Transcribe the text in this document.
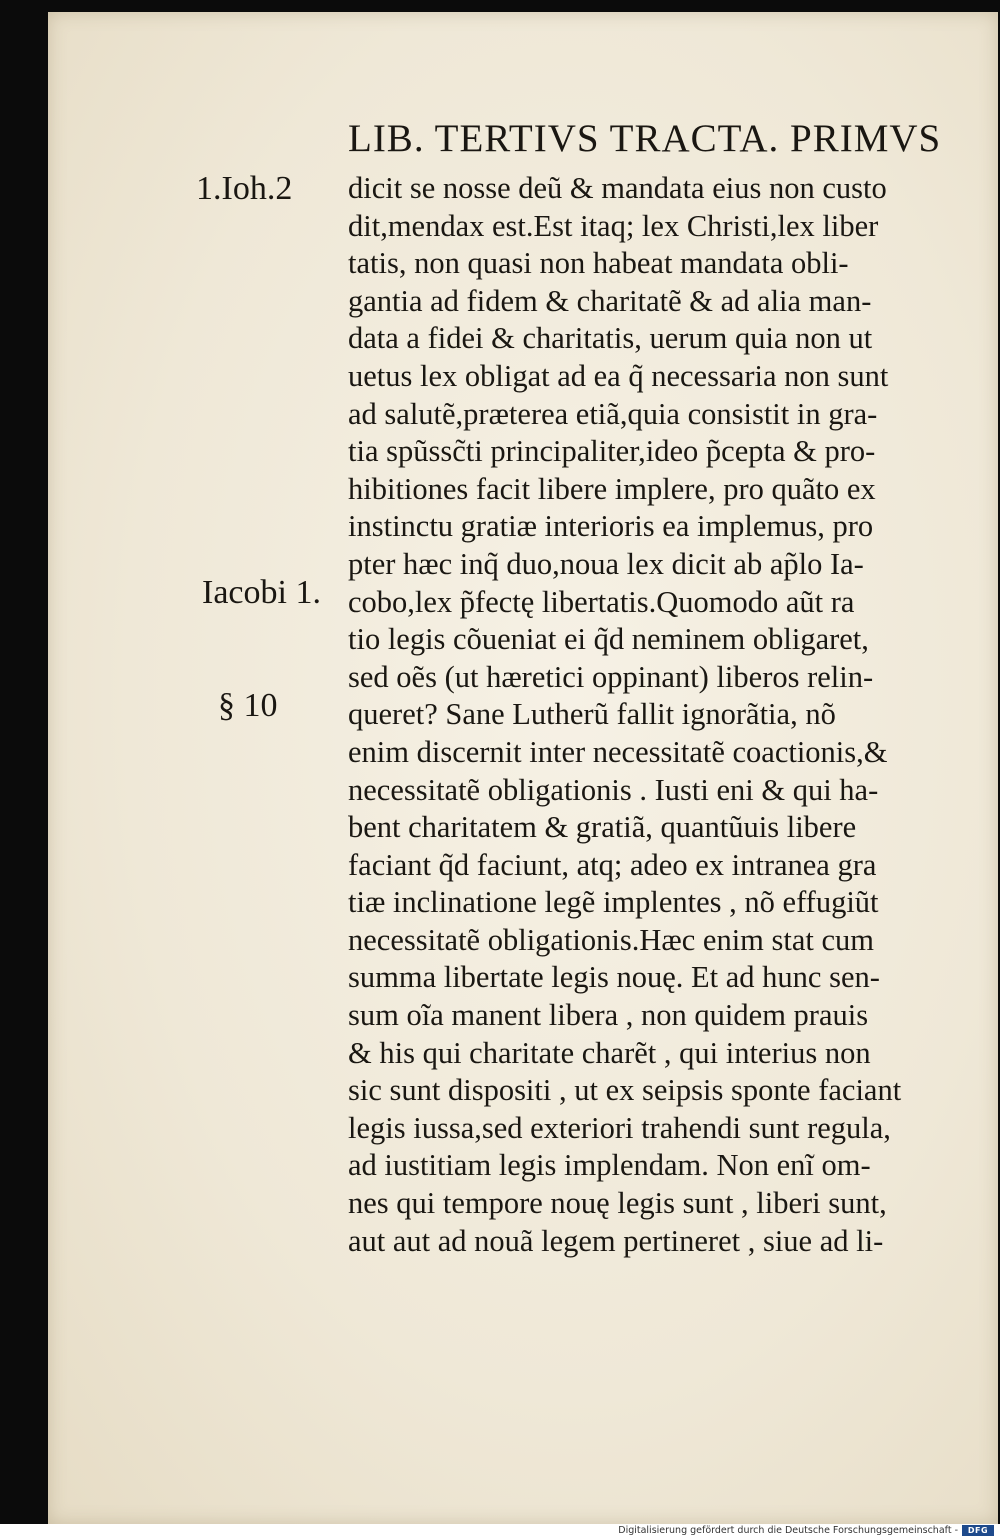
LIB. TERTIVS TRACTA. PRIMVS
1.Ioh.2
Iacobi 1.
§ 10
dicit se nosse deũ & mandata eius non custo
dit,mendax est.Est itaq; lex Christi,lex liber
tatis, non quasi non habeat mandata obli-
gantia ad fidem & charitatẽ & ad alia man-
data a fidei & charitatis, uerum quia non ut
uetus lex obligat ad ea q̃ necessaria non sunt
ad salutẽ,præterea etiã,quia consistit in gra-
tia spũssc̃ti principaliter,ideo p̃cepta & pro-
hibitiones facit libere implere, pro quãto ex
instinctu gratiæ interioris ea implemus, pro
pter hæc inq̃ duo,noua lex dicit ab ap̃lo Ia-
cobo,lex p̃fectę libertatis.Quomodo aũt ra
tio legis cõueniat ei q̃d neminem obligaret,
sed oẽs (ut hæretici oppinant) liberos relin-
queret? Sane Lutherũ fallit ignorãtia, nõ
enim discernit inter necessitatẽ coactionis,&
necessitatẽ obligationis . Iusti eni & qui ha-
bent charitatem & gratiã, quantũuis libere
faciant q̃d faciunt, atq; adeo ex intranea gra
tiæ inclinatione legẽ implentes , nõ effugiũt
necessitatẽ obligationis.Hæc enim stat cum
summa libertate legis nouę. Et ad hunc sen-
sum oĩa manent libera , non quidem prauis
& his qui charitate charẽt , qui interius non
sic sunt dispositi , ut ex seipsis sponte faciant
legis iussa,sed exteriori trahendi sunt regula,
ad iustitiam legis implendam. Non enĩ om-
nes qui tempore nouę legis sunt , liberi sunt,
aut aut ad nouã legem pertineret , siue ad li-
Digitalisierung gefördert durch die Deutsche Forschungsgemeinschaft -	DFG
